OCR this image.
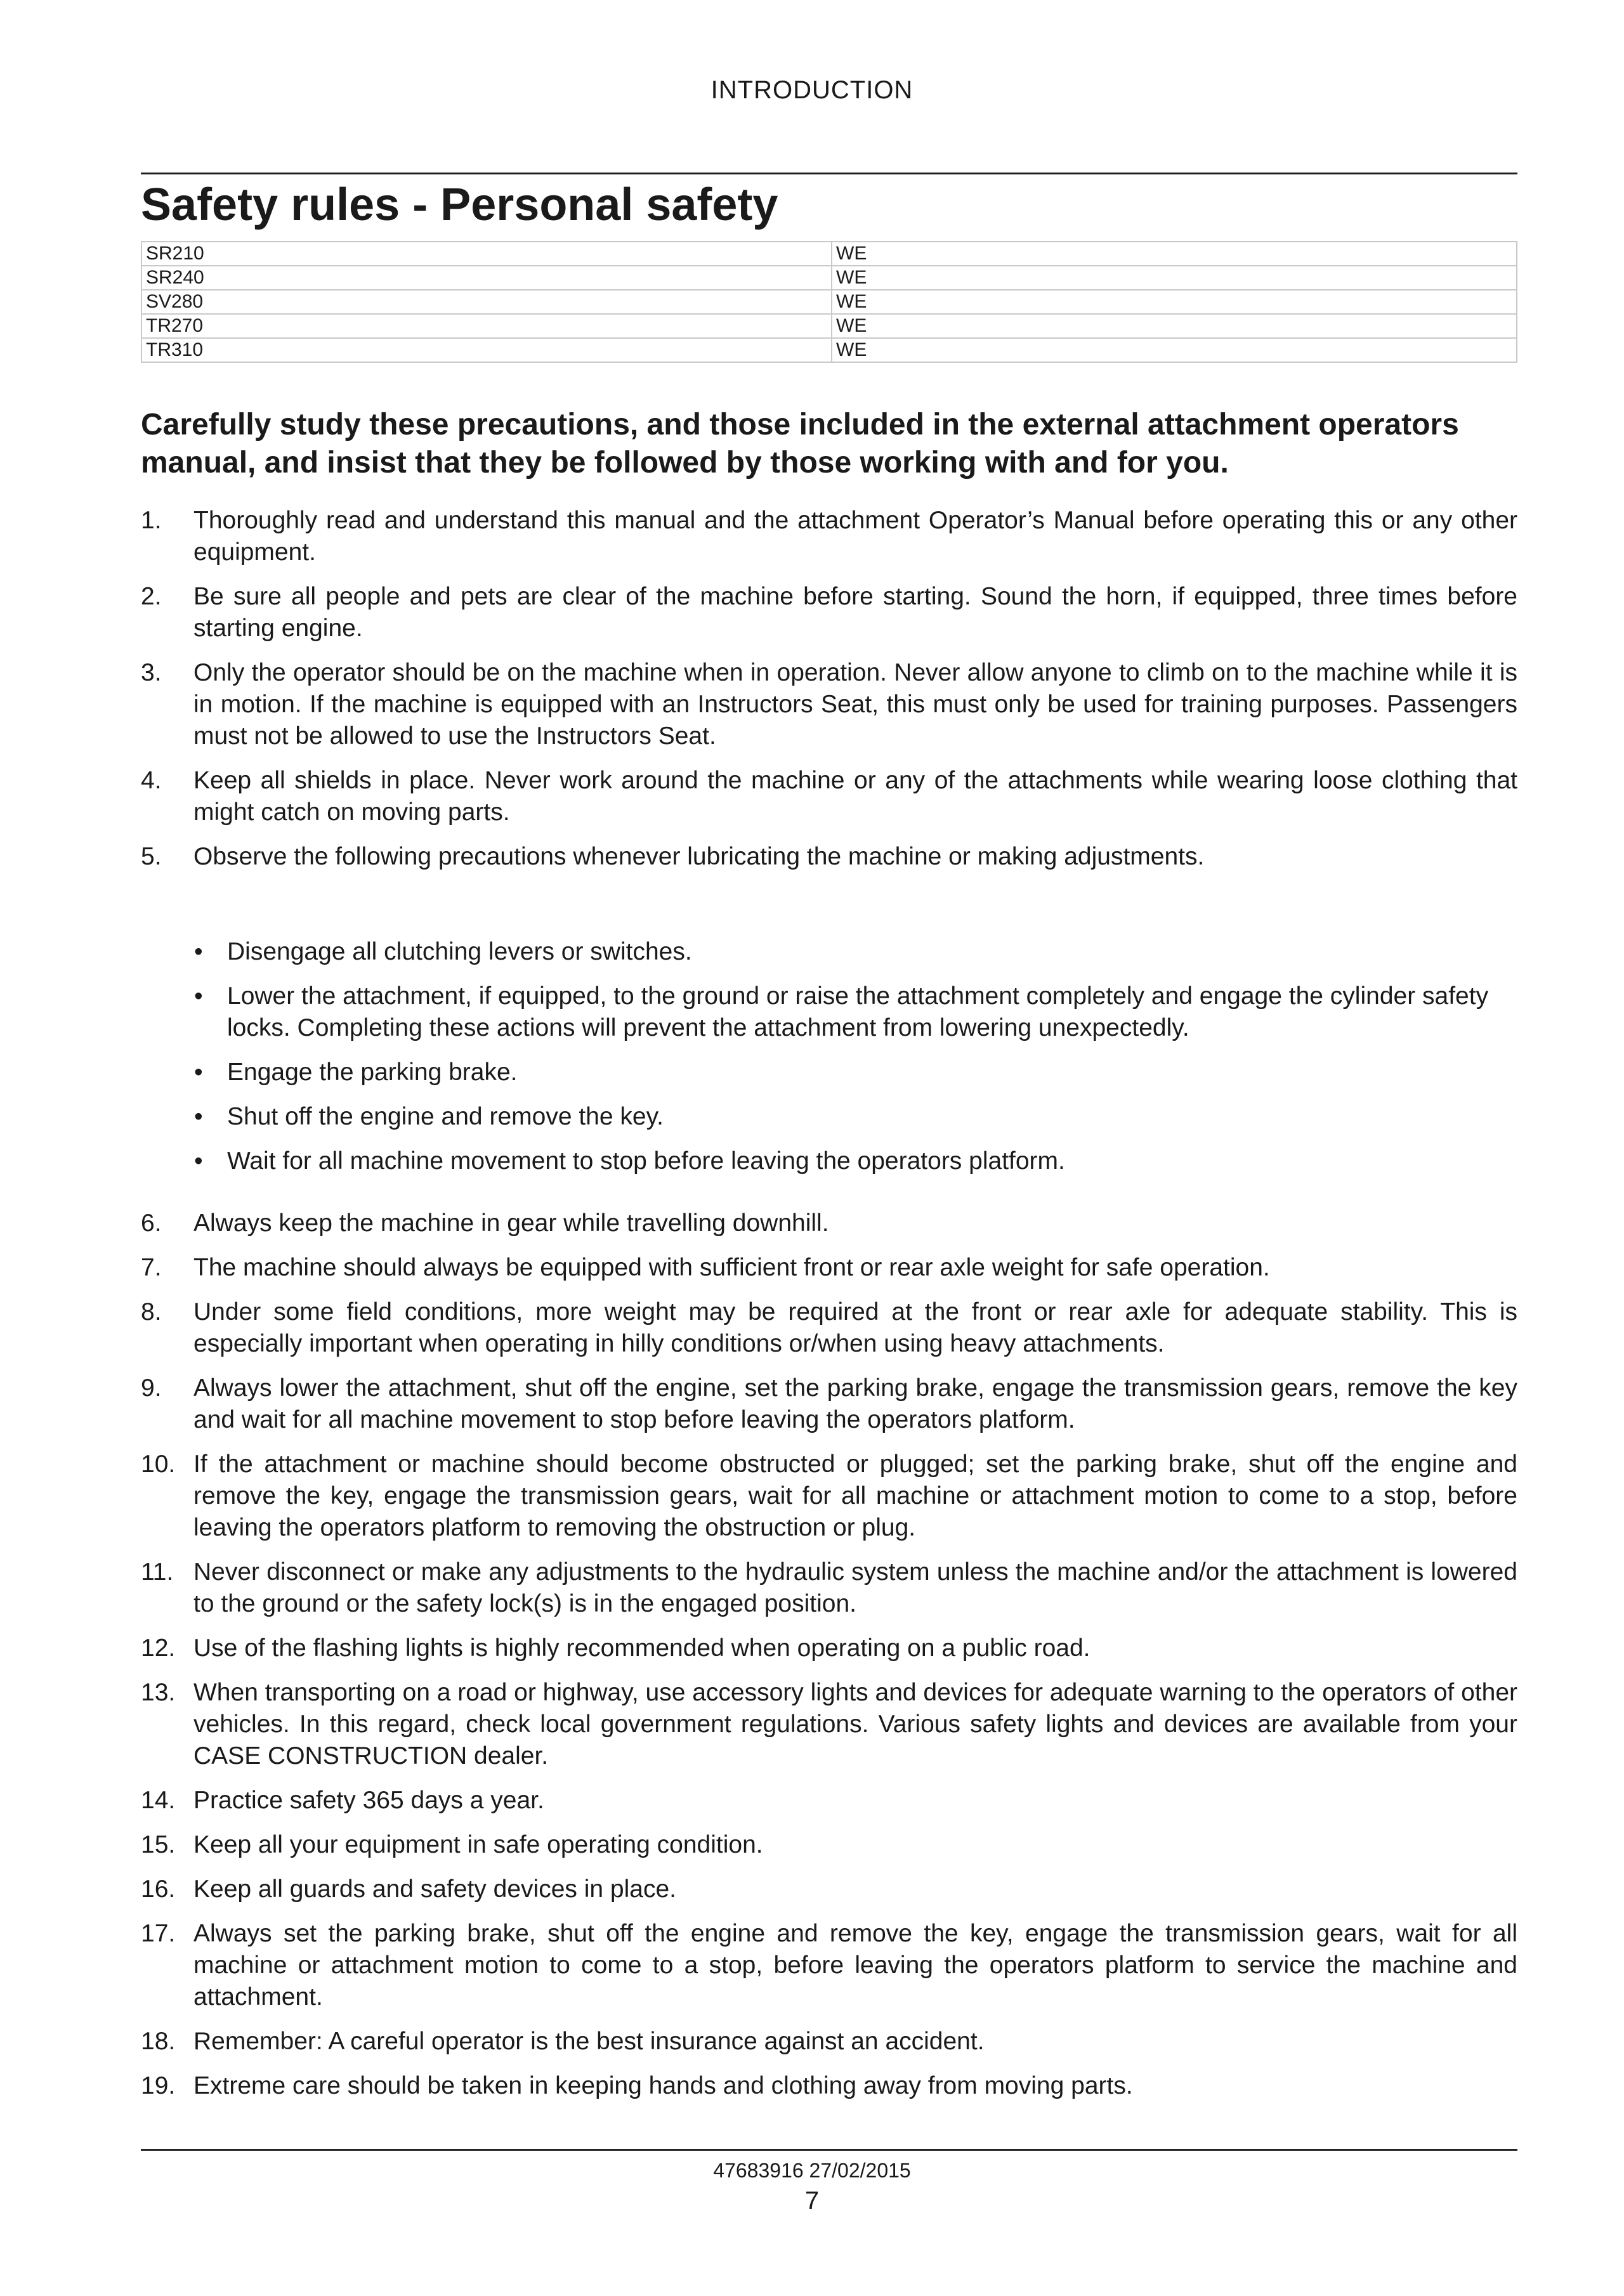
INTRODUCTION
Safety rules - Personal safety
SR210	WE
SR240	WE
SV280	WE
TR270	WE
TR310	WE

Carefully study these precautions, and those included in the external attachment operators manual, and insist that they be followed by those working with and for you.

1. Thoroughly read and understand this manual and the attachment Operator’s Manual before operating this or any other equipment.
2. Be sure all people and pets are clear of the machine before starting. Sound the horn, if equipped, three times before starting engine.
3. Only the operator should be on the machine when in operation. Never allow anyone to climb on to the machine while it is in motion. If the machine is equipped with an Instructors Seat, this must only be used for training purposes. Passengers must not be allowed to use the Instructors Seat.
4. Keep all shields in place. Never work around the machine or any of the attachments while wearing loose clothing that might catch on moving parts.
5. Observe the following precautions whenever lubricating the machine or making adjustments.
• Disengage all clutching levers or switches.
• Lower the attachment, if equipped, to the ground or raise the attachment completely and engage the cylinder safety locks. Completing these actions will prevent the attachment from lowering unexpectedly.
• Engage the parking brake.
• Shut off the engine and remove the key.
• Wait for all machine movement to stop before leaving the operators platform.
6. Always keep the machine in gear while travelling downhill.
7. The machine should always be equipped with sufficient front or rear axle weight for safe operation.
8. Under some field conditions, more weight may be required at the front or rear axle for adequate stability. This is especially important when operating in hilly conditions or/when using heavy attachments.
9. Always lower the attachment, shut off the engine, set the parking brake, engage the transmission gears, remove the key and wait for all machine movement to stop before leaving the operators platform.
10. If the attachment or machine should become obstructed or plugged; set the parking brake, shut off the engine and remove the key, engage the transmission gears, wait for all machine or attachment motion to come to a stop, before leaving the operators platform to removing the obstruction or plug.
11. Never disconnect or make any adjustments to the hydraulic system unless the machine and/or the attachment is lowered to the ground or the safety lock(s) is in the engaged position.
12. Use of the flashing lights is highly recommended when operating on a public road.
13. When transporting on a road or highway, use accessory lights and devices for adequate warning to the operators of other vehicles. In this regard, check local government regulations. Various safety lights and devices are available from your CASE CONSTRUCTION dealer.
14. Practice safety 365 days a year.
15. Keep all your equipment in safe operating condition.
16. Keep all guards and safety devices in place.
17. Always set the parking brake, shut off the engine and remove the key, engage the transmission gears, wait for all machine or attachment motion to come to a stop, before leaving the operators platform to service the machine and attachment.
18. Remember: A careful operator is the best insurance against an accident.
19. Extreme care should be taken in keeping hands and clothing away from moving parts.
47683916 27/02/2015
7
